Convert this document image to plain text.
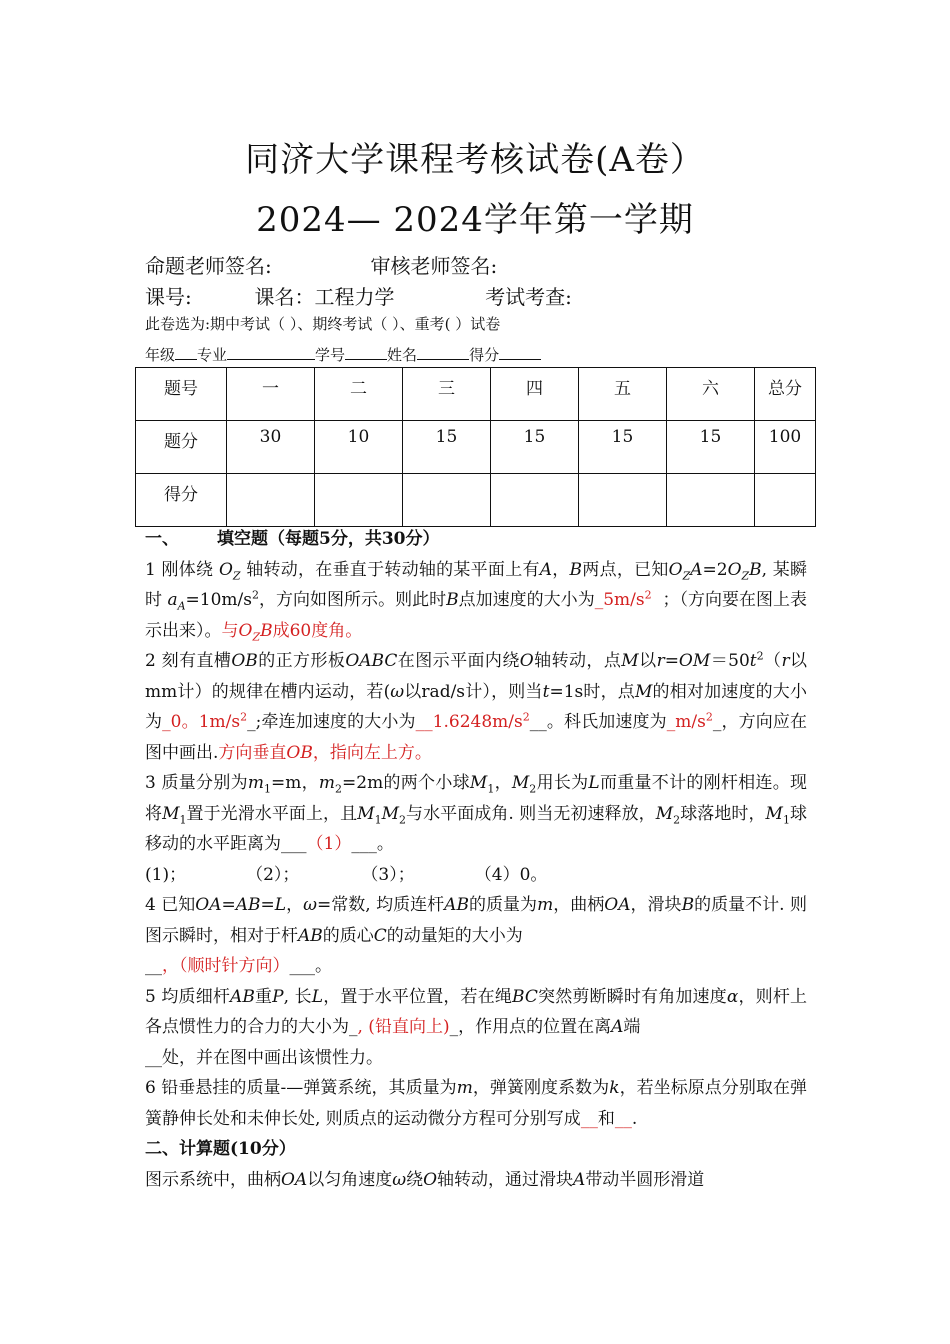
同济大学课程考核试卷(A卷）
2024— 2024学年第一学期
命题老师签名:	审核老师签名:
课号:	课名：工程力学	考试考查:
此卷选为:期中考试（ ）、期终考试（ ）、重考( ）试卷
年级 专业	学号	姓名	得分
题号	一	二	三	四	五	六	总分
题分	30	10	15	15	15	15	100
得分							

一、 填空题（每题5分，共30分）

1 刚体绕 $O_Z$ 轴转动，在垂直于转动轴的某平面上有A，B两点，已知$O_ZA=2O_ZB$, 某瞬时 $a_A=10m/s^2$，方向如图所示。则此时B点加速度的大小为$\_5m/s^2$ ；（方向要在图上表示出来）。与$O_ZB$成60度角。

2 刻有直槽OB的正方形板OABC在图示平面内绕O轴转动，点M以$r=OM=50t^2(r$以mm计）的规律在槽内运动，若(ω以rad/s计），则当t=1s时，点M的相对加速度的大小为_0。$1m/s^2\_$;牵连加速度的大小为$\_\_1.6248m/s^2\_\_$。科氏加速度为$\_m/s^2\_$，方向应在图中画出.方向垂直OB，指向左上方。

3 质量分别为$m_1=m$，$m_2=2m$的两个小球$M_1$，$M_2$用长为L而重量不计的刚杆相连。现将$M_1$置于光滑水平面上，且$M_1M_2$与水平面成角. 则当无初速释放，$M_2$球落地时，$M_1$球移动的水平距离为___（1）___。

(1)；	（2）；	（3）；	（4）0。

4 已知OA=AB=L，ω=常数, 均质连杆AB的质量为m，曲柄OA，滑块B的质量不计. 则图示瞬时，相对于杆AB的质心C的动量矩的大小为
__，（顺时针方向）___。

5 均质细杆AB重P, 长L，置于水平位置，若在绳BC突然剪断瞬时有角加速度α，则杆上各点惯性力的合力的大小为_, (铅直向上)_，作用点的位置在离A端
__处，并在图中画出该惯性力。

6 铅垂悬挂的质量-—弹簧系统，其质量为m，弹簧刚度系数为k，若坐标原点分别取在弹簧静伸长处和未伸长处, 则质点的运动微分方程可分别写成__和__.

二、计算题(10分）

图示系统中，曲柄OA以匀角速度ω绕O轴转动，通过滑块A带动半圆形滑道
